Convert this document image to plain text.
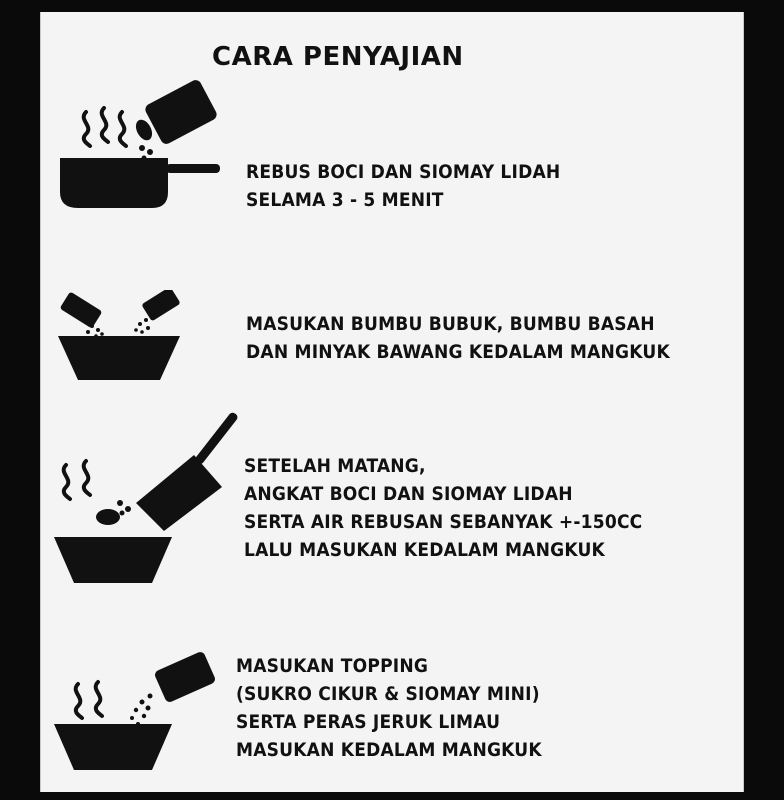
CARA PENYAJIAN

REBUS BOCI DAN SIOMAY LIDAH
SELAMA 3 - 5 MENIT

MASUKAN BUMBU BUBUK, BUMBU BASAH
DAN MINYAK BAWANG KEDALAM MANGKUK

SETELAH MATANG,
ANGKAT BOCI DAN SIOMAY LIDAH
SERTA AIR REBUSAN SEBANYAK +-150CC
LALU MASUKAN KEDALAM MANGKUK

MASUKAN TOPPING
(SUKRO CIKUR & SIOMAY MINI)
SERTA PERAS JERUK LIMAU
MASUKAN KEDALAM MANGKUK
